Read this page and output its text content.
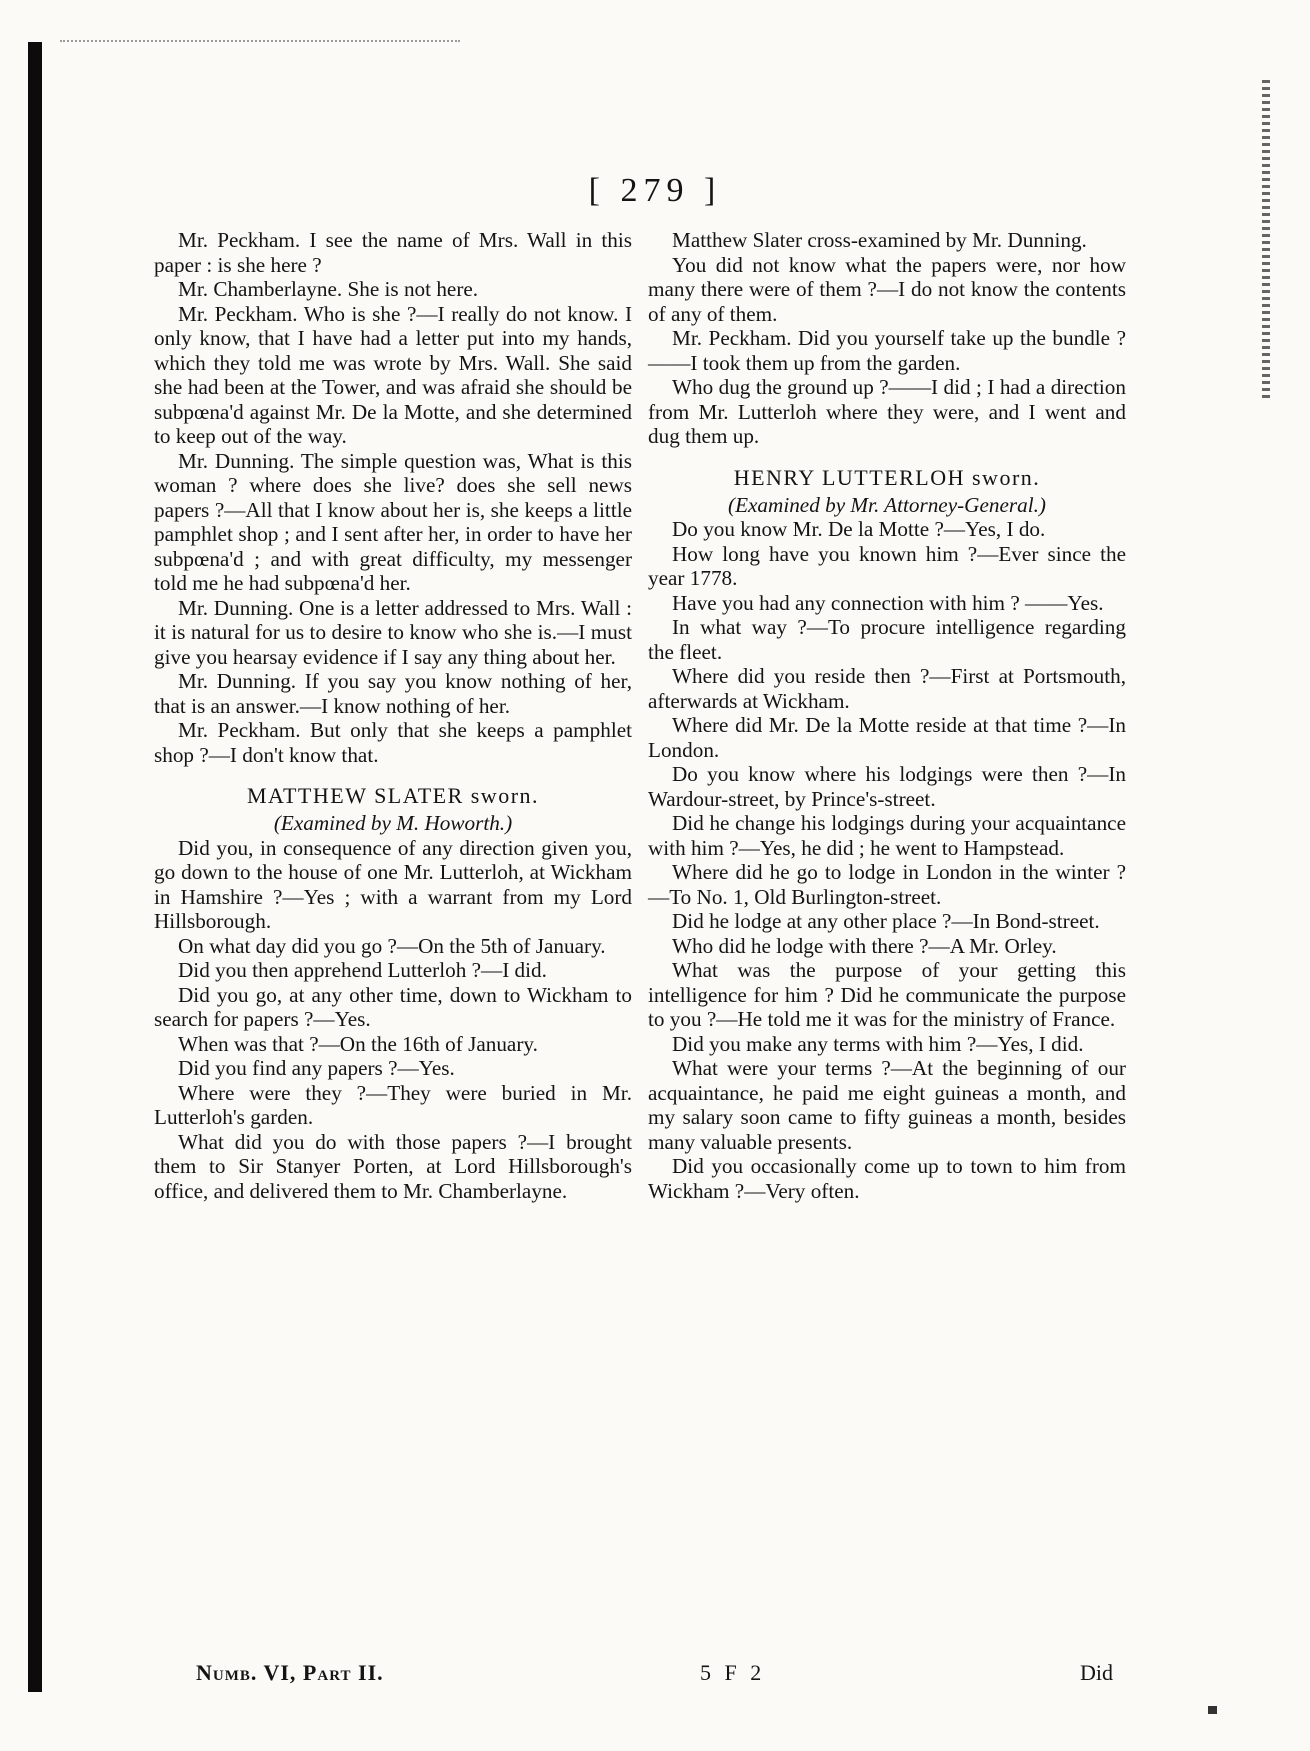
[ 279 ]

Mr. Peckham. I see the name of Mrs. Wall in this paper : is she here ?

Mr. Chamberlayne. She is not here.

Mr. Peckham. Who is she ?—I really do not know. I only know, that I have had a letter put into my hands, which they told me was wrote by Mrs. Wall. She said she had been at the Tower, and was afraid she should be subpœna'd against Mr. De la Motte, and she determined to keep out of the way.

Mr. Dunning. The simple question was, What is this woman ? where does she live? does she sell news papers ?—All that I know about her is, she keeps a little pamphlet shop ; and I sent after her, in order to have her subpœna'd ; and with great difficulty, my messenger told me he had subpœna'd her.

Mr. Dunning. One is a letter addressed to Mrs. Wall : it is natural for us to desire to know who she is.—I must give you hearsay evidence if I say any thing about her.

Mr. Dunning. If you say you know nothing of her, that is an answer.—I know nothing of her.

Mr. Peckham. But only that she keeps a pamphlet shop ?—I don't know that.

MATTHEW SLATER sworn.

(Examined by M. Howorth.)

Did you, in consequence of any direction given you, go down to the house of one Mr. Lutterloh, at Wickham in Hamshire ?—Yes ; with a warrant from my Lord Hillsborough.

On what day did you go ?—On the 5th of January.

Did you then apprehend Lutterloh ?—I did.

Did you go, at any other time, down to Wickham to search for papers ?—Yes.

When was that ?—On the 16th of January.

Did you find any papers ?—Yes.

Where were they ?—They were buried in Mr. Lutterloh's garden.

What did you do with those papers ?—I brought them to Sir Stanyer Porten, at Lord Hillsborough's office, and delivered them to Mr. Chamberlayne.

Matthew Slater cross-examined by Mr. Dunning.

You did not know what the papers were, nor how many there were of them ?—I do not know the contents of any of them.

Mr. Peckham. Did you yourself take up the bundle ?——I took them up from the garden.

Who dug the ground up ?——I did ; I had a direction from Mr. Lutterloh where they were, and I went and dug them up.

HENRY LUTTERLOH sworn.

(Examined by Mr. Attorney-General.)

Do you know Mr. De la Motte ?—Yes, I do.

How long have you known him ?—Ever since the year 1778.

Have you had any connection with him ? ——Yes.

In what way ?—To procure intelligence regarding the fleet.

Where did you reside then ?—First at Portsmouth, afterwards at Wickham.

Where did Mr. De la Motte reside at that time ?—In London.

Do you know where his lodgings were then ?—In Wardour-street, by Prince's-street.

Did he change his lodgings during your acquaintance with him ?—Yes, he did ; he went to Hampstead.

Where did he go to lodge in London in the winter ?—To No. 1, Old Burlington-street.

Did he lodge at any other place ?—In Bond-street.

Who did he lodge with there ?—A Mr. Orley.

What was the purpose of your getting this intelligence for him ? Did he communicate the purpose to you ?—He told me it was for the ministry of France.

Did you make any terms with him ?—Yes, I did.

What were your terms ?—At the beginning of our acquaintance, he paid me eight guineas a month, and my salary soon came to fifty guineas a month, besides many valuable presents.

Did you occasionally come up to town to him from Wickham ?—Very often.

Numb. VI, Part II.	5 F 2	Did
